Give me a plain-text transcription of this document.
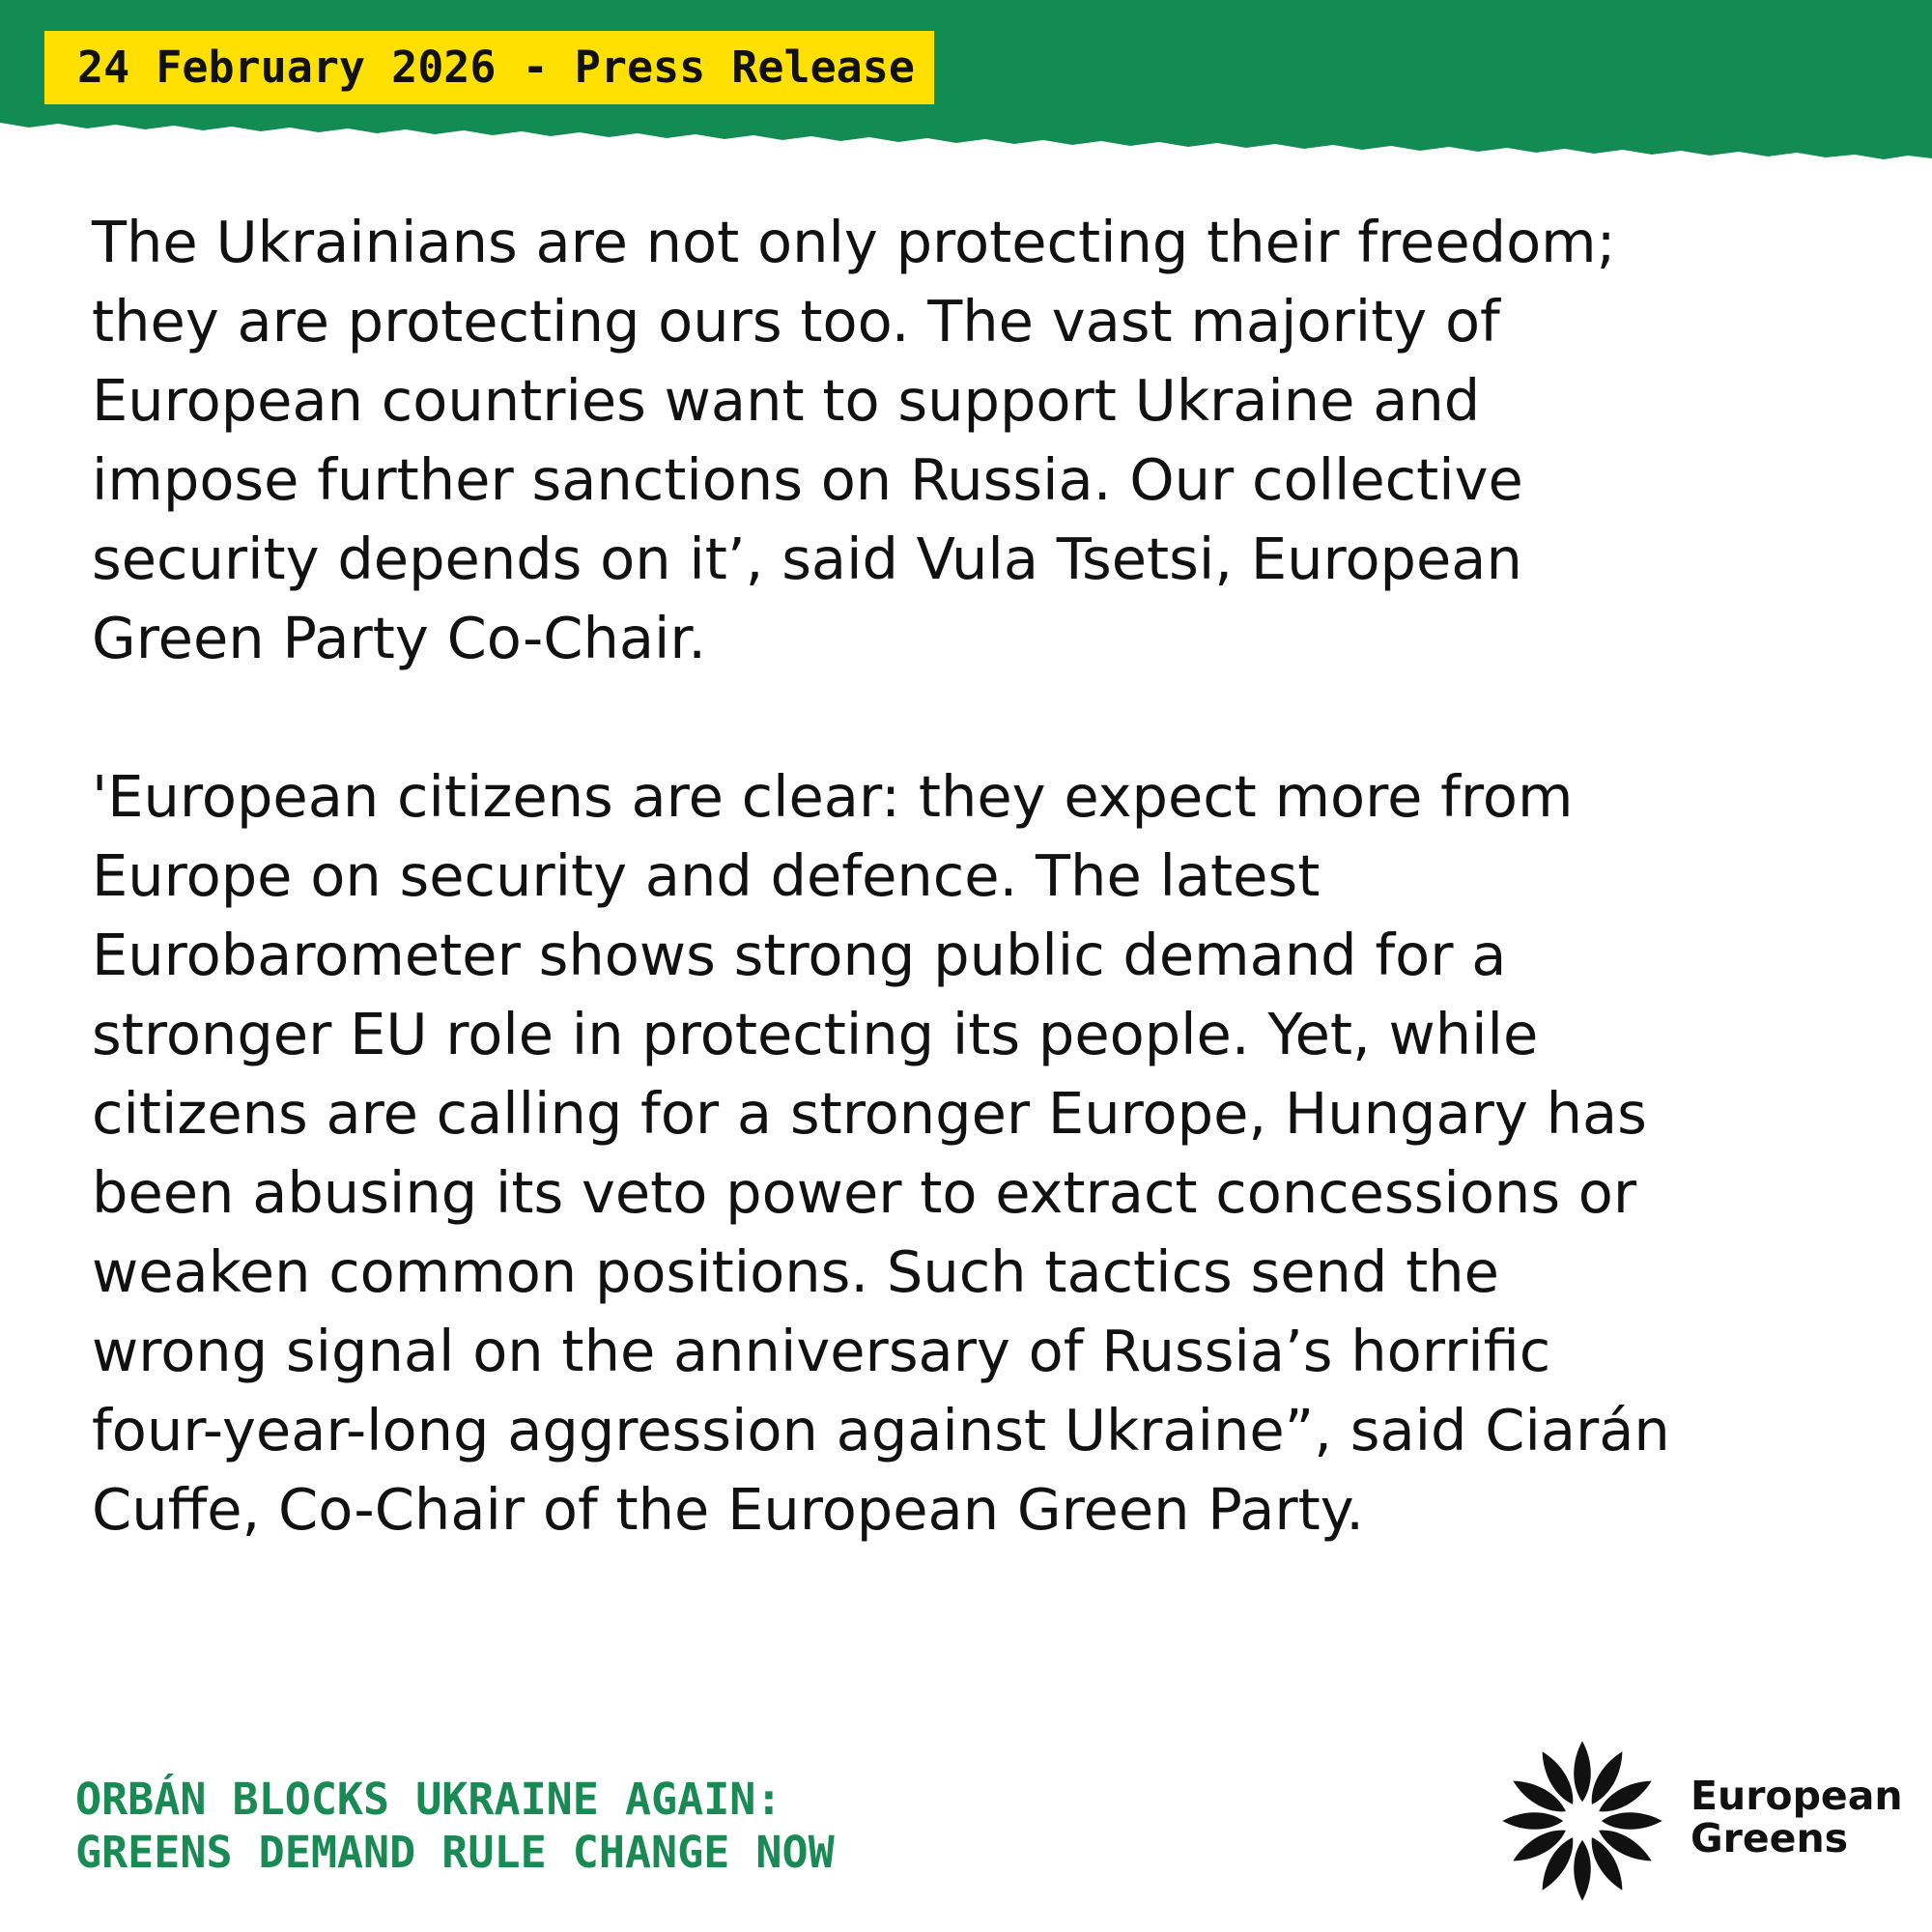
24 February 2026 - Press Release

The Ukrainians are not only protecting their freedom;
they are protecting ours too. The vast majority of
European countries want to support Ukraine and
impose further sanctions on Russia. Our collective
security depends on it’, said Vula Tsetsi, European
Green Party Co-Chair.

'European citizens are clear: they expect more from
Europe on security and defence. The latest
Eurobarometer shows strong public demand for a
stronger EU role in protecting its people. Yet, while
citizens are calling for a stronger Europe, Hungary has
been abusing its veto power to extract concessions or
weaken common positions. Such tactics send the
wrong signal on the anniversary of Russia’s horrific
four-year-long aggression against Ukraine”, said Ciarán
Cuffe, Co-Chair of the European Green Party.

ORBÁN BLOCKS UKRAINE AGAIN:
GREENS DEMAND RULE CHANGE NOW
European
Greens
